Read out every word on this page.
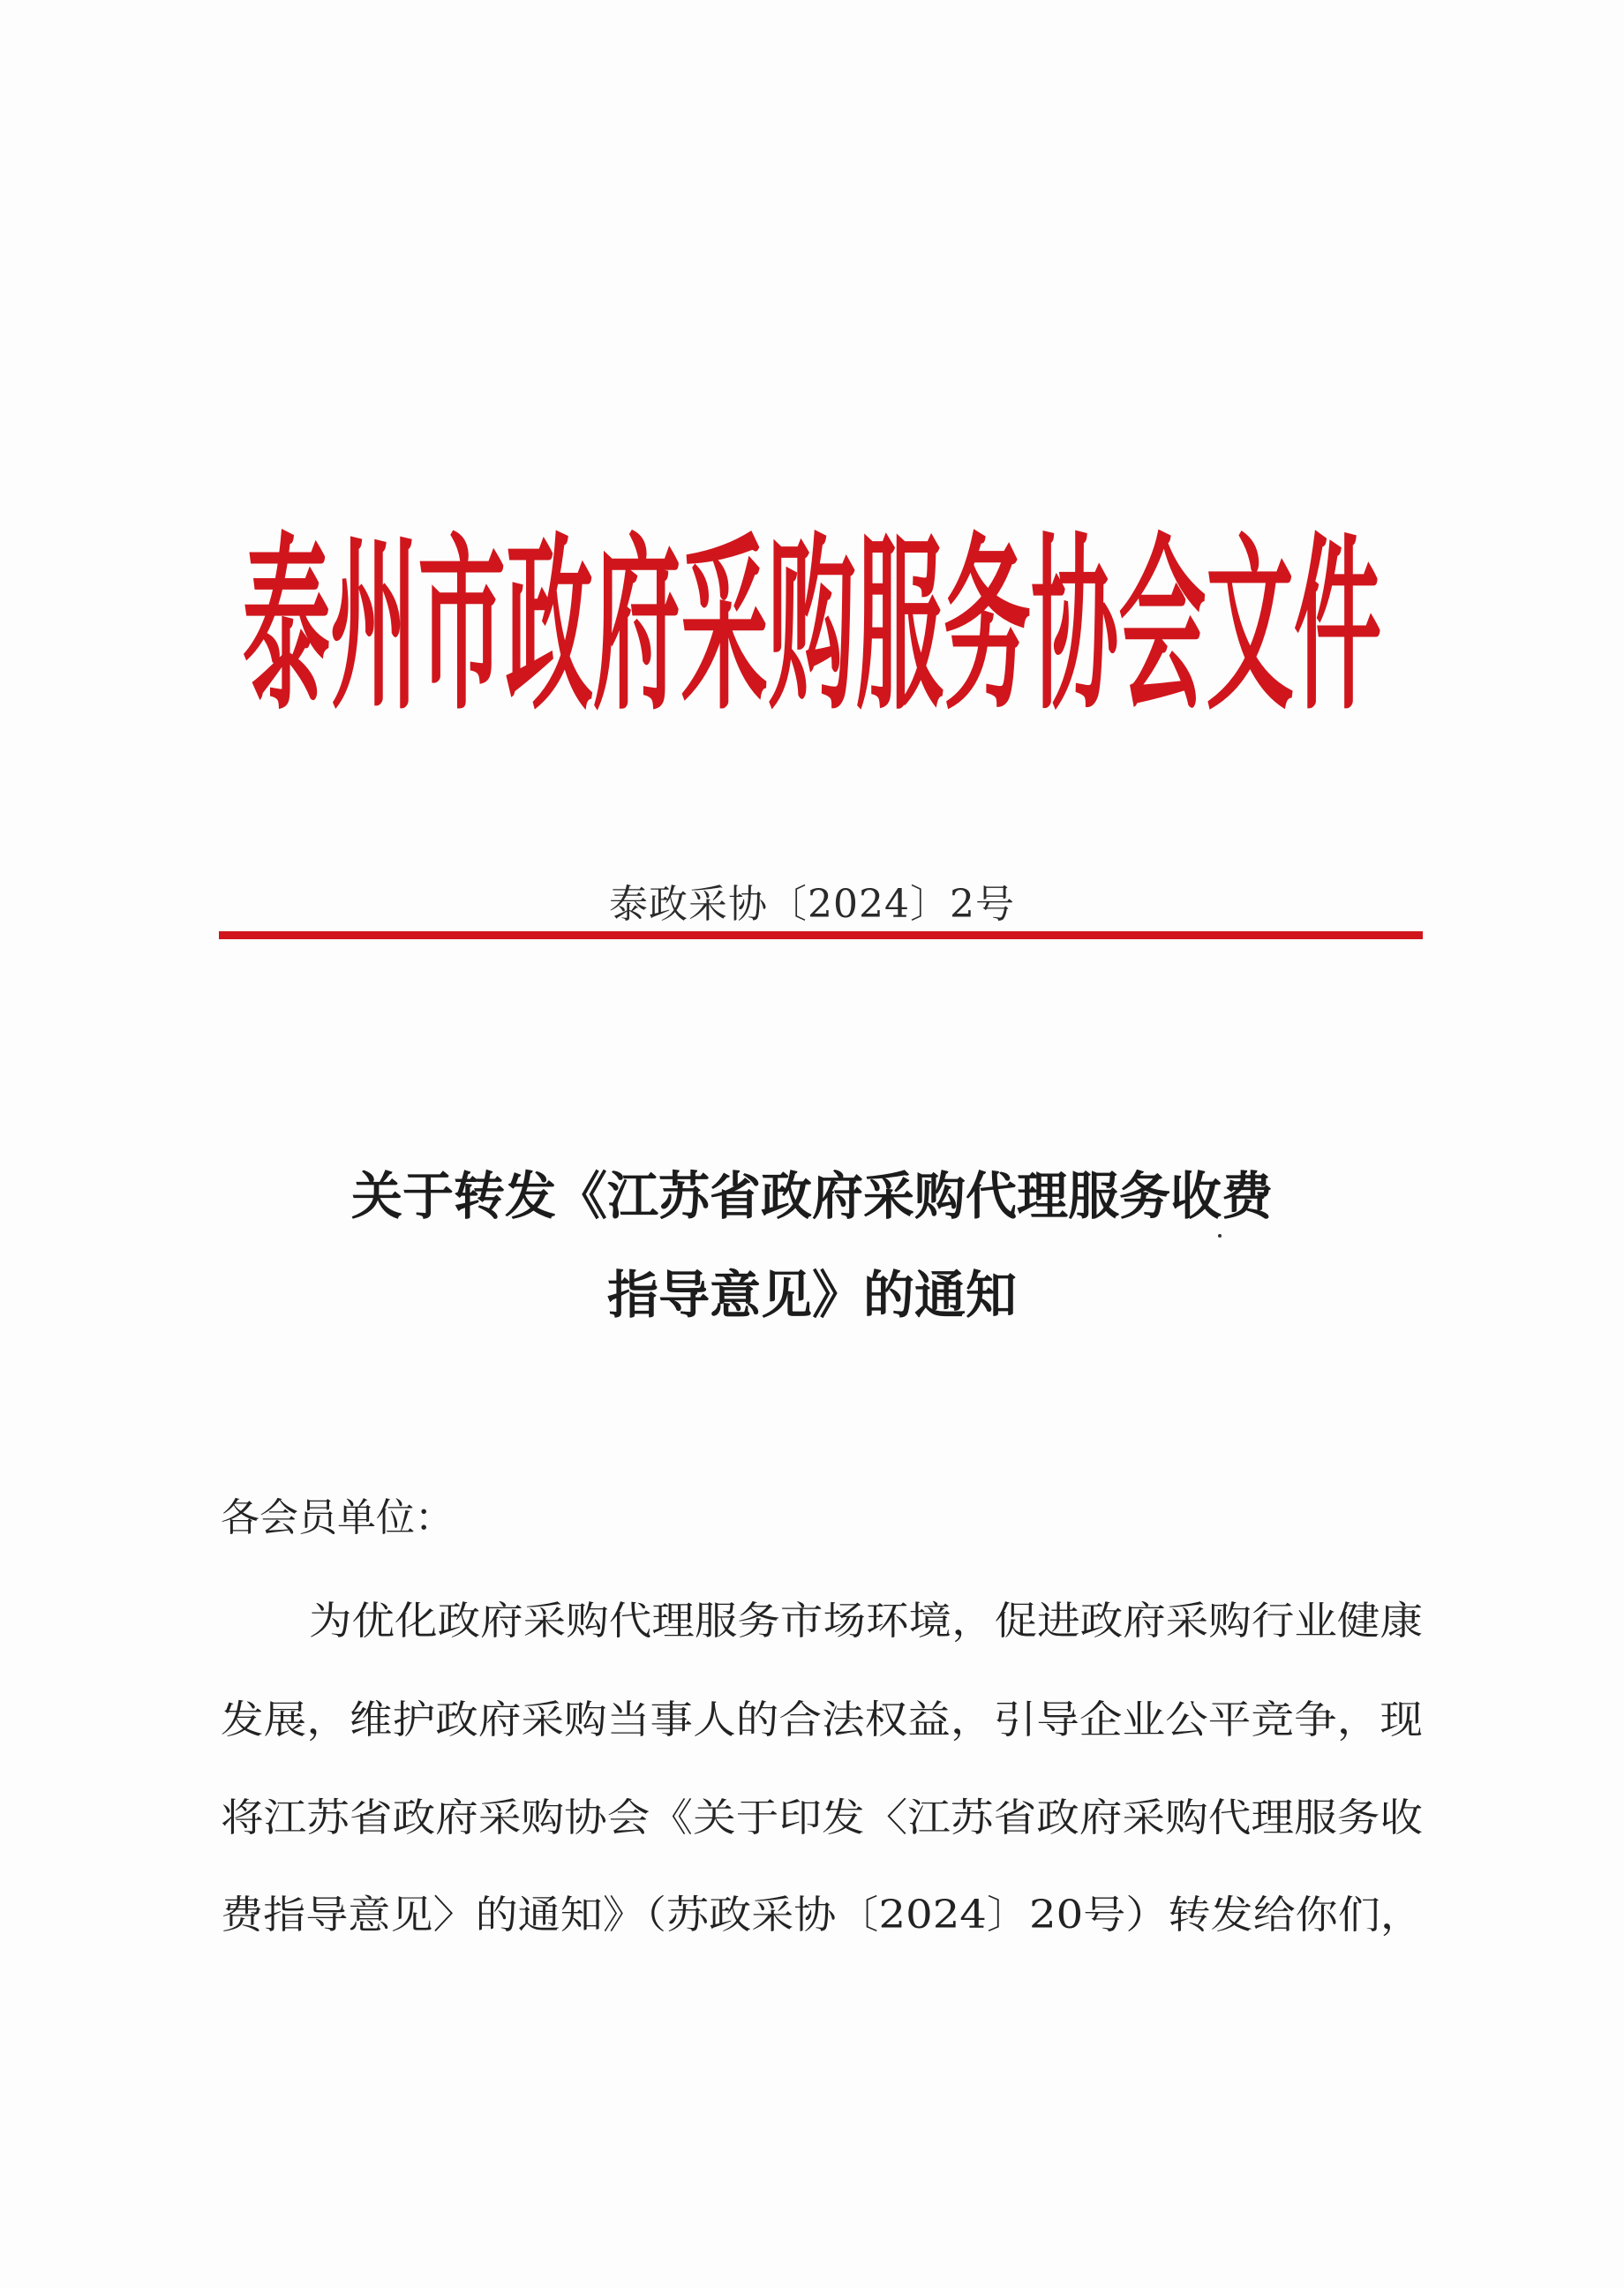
泰州市政府采购服务协会文件
泰政采协〔2024〕2号
关于转发《江苏省政府采购代理服务收费
指导意见》的通知
各会员单位：
为优化政府采购代理服务市场环境，促进政府采购行业健康
发展，维护政府采购当事人的合法权益，引导企业公平竞争，现
将江苏省政府采购协会《关于印发〈江苏省政府采购代理服务收
费指导意见〉的通知》（苏政采协〔2024〕20号）转发给你们，
